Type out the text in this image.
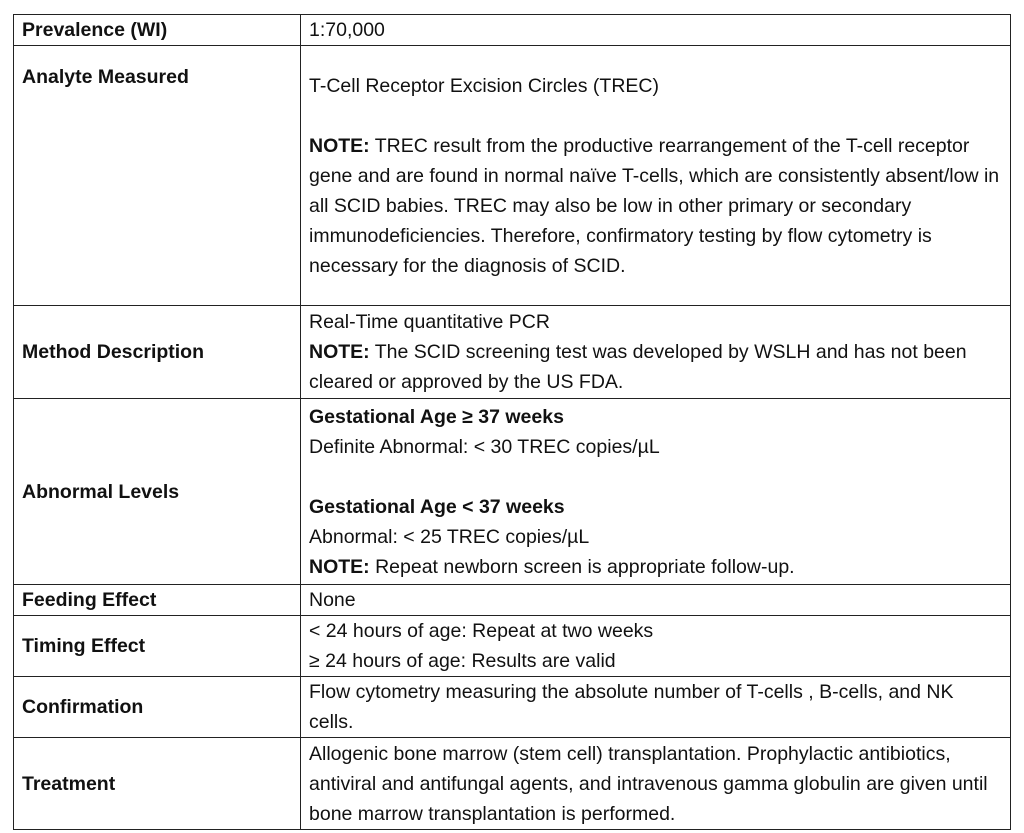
Prevalence (WI)	1:70,000
Analyte Measured	T-Cell Receptor Excision Circles (TREC)
NOTE: TREC result from the productive rearrangement of the T-cell receptor gene and are found in normal naïve T-cells, which are consistently absent/low in all SCID babies. TREC may also be low in other primary or secondary immunodeficiencies. Therefore, confirmatory testing by flow cytometry is necessary for the diagnosis of SCID.

Method Description	Real-Time quantitative PCR
NOTE: The SCID screening test was developed by WSLH and has not been cleared or approved by the US FDA.

Abnormal Levels	Gestational Age ≥ 37 weeks
Definite Abnormal: < 30 TREC copies/µL
Gestational Age < 37 weeks
Abnormal: < 25 TREC copies/µL
NOTE: Repeat newborn screen is appropriate follow-up.

Feeding Effect	None
Timing Effect	< 24 hours of age: Repeat at two weeks
≥ 24 hours of age: Results are valid

Confirmation	Flow cytometry measuring the absolute number of T-cells , B-cells, and NK cells.

Treatment	Allogenic bone marrow (stem cell) transplantation. Prophylactic antibiotics, antiviral and antifungal agents, and intravenous gamma globulin are given until bone marrow transplantation is performed.
